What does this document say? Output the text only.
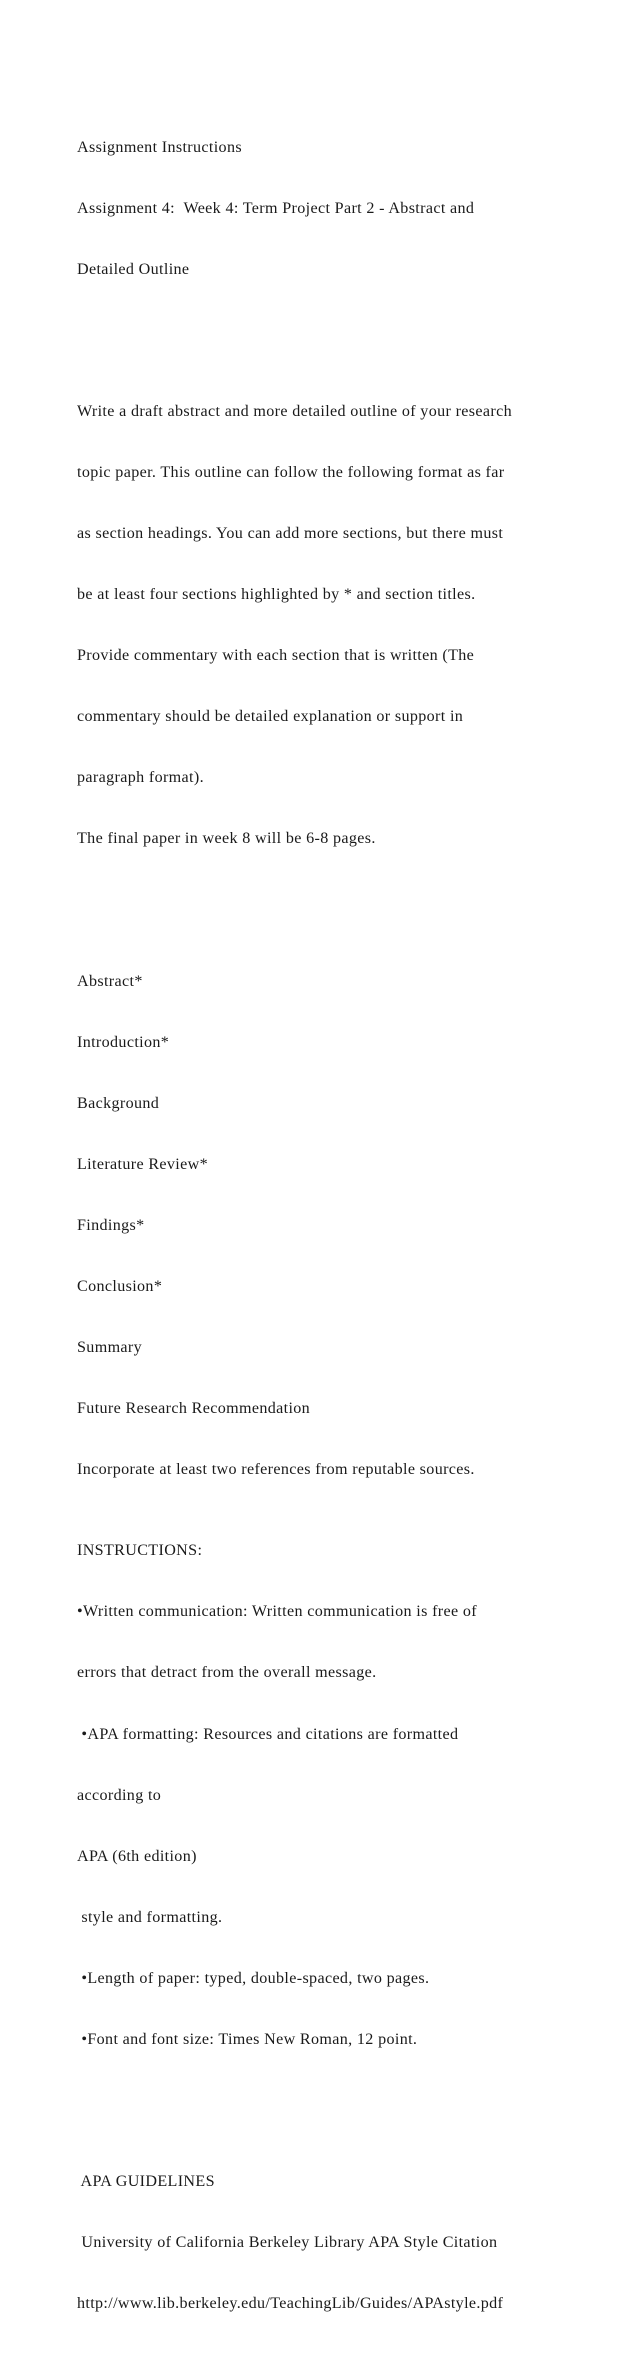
Assignment Instructions

Assignment 4:  Week 4: Term Project Part 2 - Abstract and

Detailed Outline

Write a draft abstract and more detailed outline of your research

topic paper. This outline can follow the following format as far

as section headings. You can add more sections, but there must

be at least four sections highlighted by * and section titles.

Provide commentary with each section that is written (The

commentary should be detailed explanation or support in

paragraph format).

The final paper in week 8 will be 6-8 pages.

Abstract*

Introduction*

Background

Literature Review*

Findings*

Conclusion*

Summary

Future Research Recommendation

Incorporate at least two references from reputable sources.

INSTRUCTIONS:

•Written communication: Written communication is free of

errors that detract from the overall message.

•APA formatting: Resources and citations are formatted

according to

APA (6th edition)

style and formatting.

•Length of paper: typed, double-spaced, two pages.

•Font and font size: Times New Roman, 12 point.

APA GUIDELINES

University of California Berkeley Library APA Style Citation

http://www.lib.berkeley.edu/TeachingLib/Guides/APAstyle.pdf
